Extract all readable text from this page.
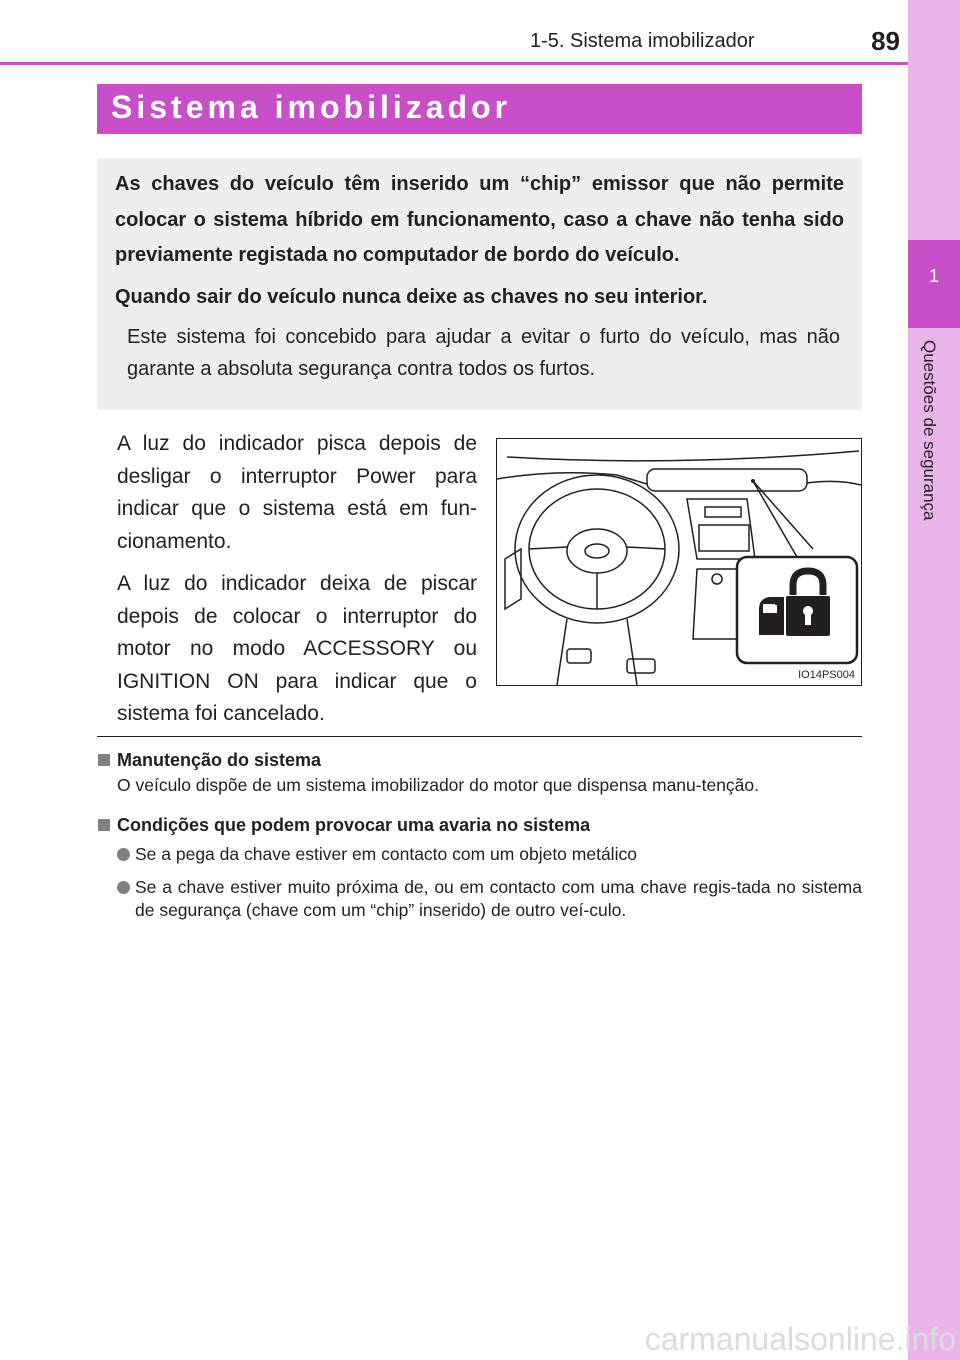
1
Questões de segurança
1-5. Sistema imobilizador	89
Sistema imobilizador

As chaves do veículo têm inserido um “chip” emissor que não permite colocar o sistema híbrido em funcionamento, caso a chave não tenha sido previamente registada no computador de bordo do veículo.

Quando sair do veículo nunca deixe as chaves no seu interior.

Este sistema foi concebido para ajudar a evitar o furto do veículo, mas não garante a absoluta segurança contra todos os furtos.

A luz do indicador pisca depois de desligar o interruptor Power para indicar que o sistema está em fun-cionamento.

A luz do indicador deixa de piscar depois de colocar o interruptor do motor no modo ACCESSORY ou IGNITION ON para indicar que o sistema foi cancelado.

IO14PS004
Manutenção do sistema

O veículo dispõe de um sistema imobilizador do motor que dispensa manu-tenção.

Condições que podem provocar uma avaria no sistema
Se a pega da chave estiver em contacto com um objeto metálico
Se a chave estiver muito próxima de, ou em contacto com uma chave regis-tada no sistema de segurança (chave com um “chip” inserido) de outro veí-culo.
carmanualsonline.info
